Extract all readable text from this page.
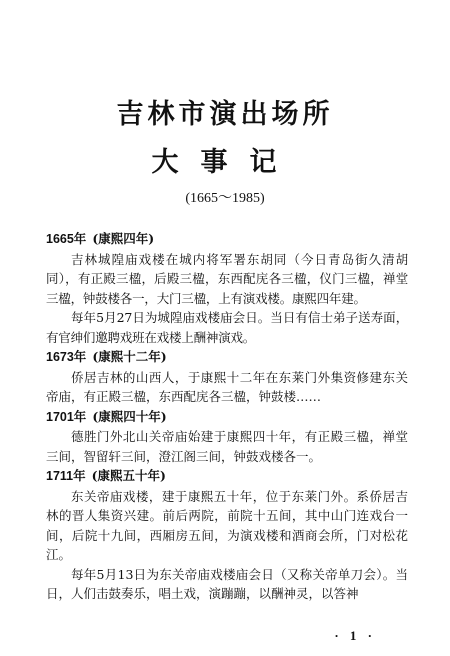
吉林市演出场所
大事记
(1665～1985)
1665年 (康熙四年)

吉林城隍庙戏楼在城内将军署东胡同（今日青岛街久清胡同），有正殿三楹，后殿三楹，东西配庑各三楹，仪门三楹，禅堂三楹，钟鼓楼各一，大门三楹，上有演戏楼。康熙四年建。

每年5月27日为城隍庙戏楼庙会日。当日有信士弟子送寿面，有官绅们邀聘戏班在戏楼上酬神演戏。

1673年 (康熙十二年)

侨居吉林的山西人，于康熙十二年在东莱门外集资修建东关帝庙，有正殿三楹，东西配庑各三楹，钟鼓楼……

1701年 (康熙四十年)

德胜门外北山关帝庙始建于康熙四十年，有正殿三楹，禅堂三间，智留轩三间，澄江阁三间，钟鼓戏楼各一。

1711年 (康熙五十年)

东关帝庙戏楼，建于康熙五十年，位于东莱门外。系侨居吉林的晋人集资兴建。前后两院，前院十五间，其中山门连戏台一间，后院十九间，西厢房五间，为演戏楼和酒商会所，门对松花江。

每年5月13日为东关帝庙戏楼庙会日（又称关帝单刀会）。当日，人们击鼓奏乐，唱土戏，演蹦蹦，以酬神灵，以答神

· 1 ·
